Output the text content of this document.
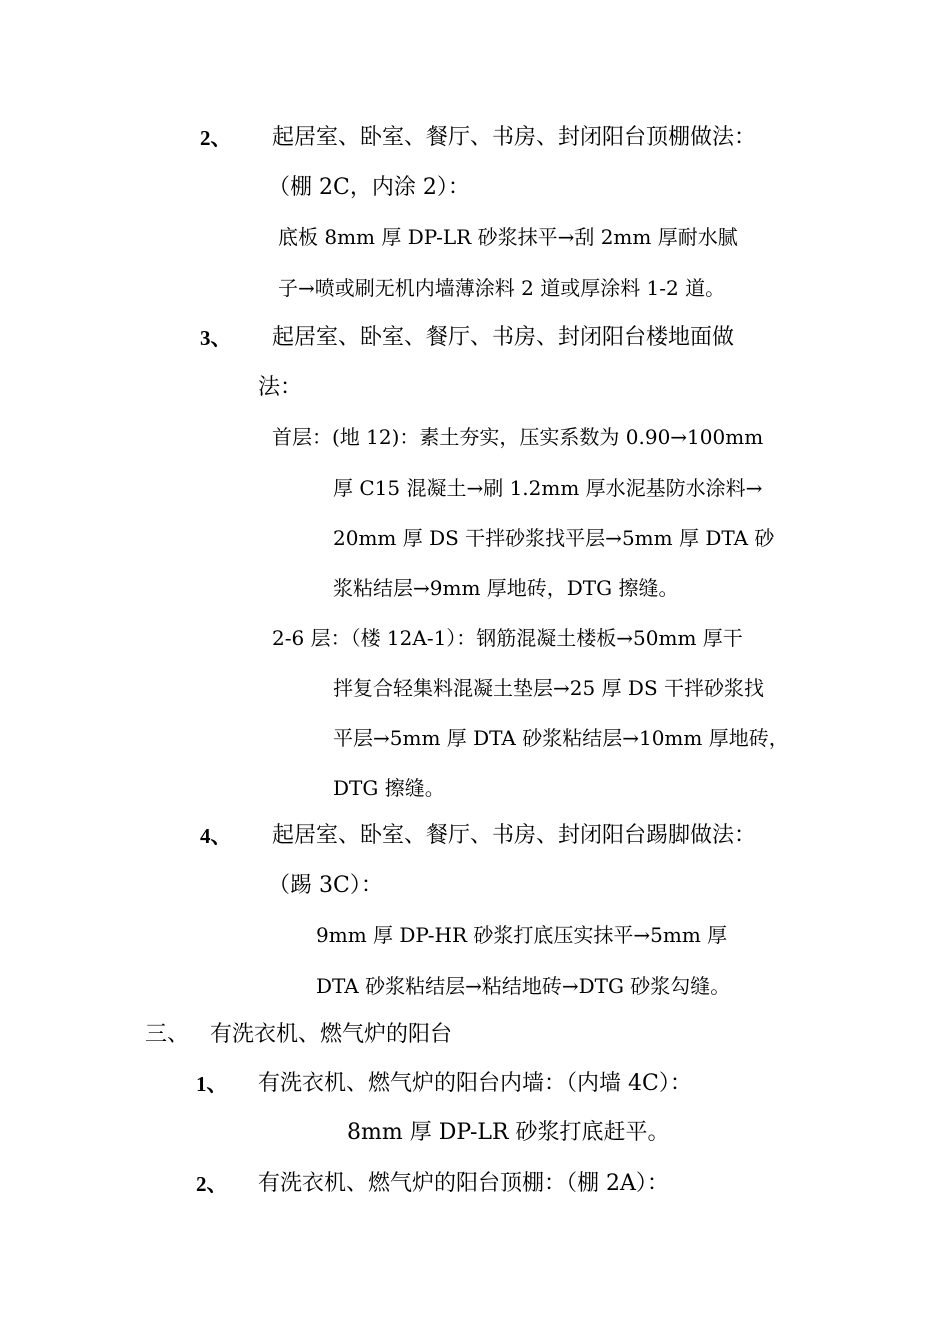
2、 起居室、卧室、餐厅、书房、封闭阳台顶棚做法：
（棚 2C，内涂 2）：
底板 8mm 厚 DP-LR 砂浆抹平→刮 2mm 厚耐水腻
子→喷或刷无机内墙薄涂料 2 道或厚涂料 1-2 道。
3、 起居室、卧室、餐厅、书房、封闭阳台楼地面做
法：
首层：(地 12)：素土夯实，压实系数为 0.90→100mm
厚 C15 混凝土→刷 1.2mm 厚水泥基防水涂料→
20mm 厚 DS 干拌砂浆找平层→5mm 厚 DTA 砂
浆粘结层→9mm 厚地砖，DTG 擦缝。
2-6 层：（楼 12A-1）：钢筋混凝土楼板→50mm 厚干
拌复合轻集料混凝土垫层→25 厚 DS 干拌砂浆找
平层→5mm 厚 DTA 砂浆粘结层→10mm 厚地砖，
DTG 擦缝。
4、 起居室、卧室、餐厅、书房、封闭阳台踢脚做法：
（踢 3C）：
9mm 厚 DP-HR 砂浆打底压实抹平→5mm 厚
DTA 砂浆粘结层→粘结地砖→DTG 砂浆勾缝。
三、 有洗衣机、燃气炉的阳台
1、 有洗衣机、燃气炉的阳台内墙：（内墙 4C）：
8mm 厚 DP-LR 砂浆打底赶平。
2、 有洗衣机、燃气炉的阳台顶棚：（棚 2A）：
